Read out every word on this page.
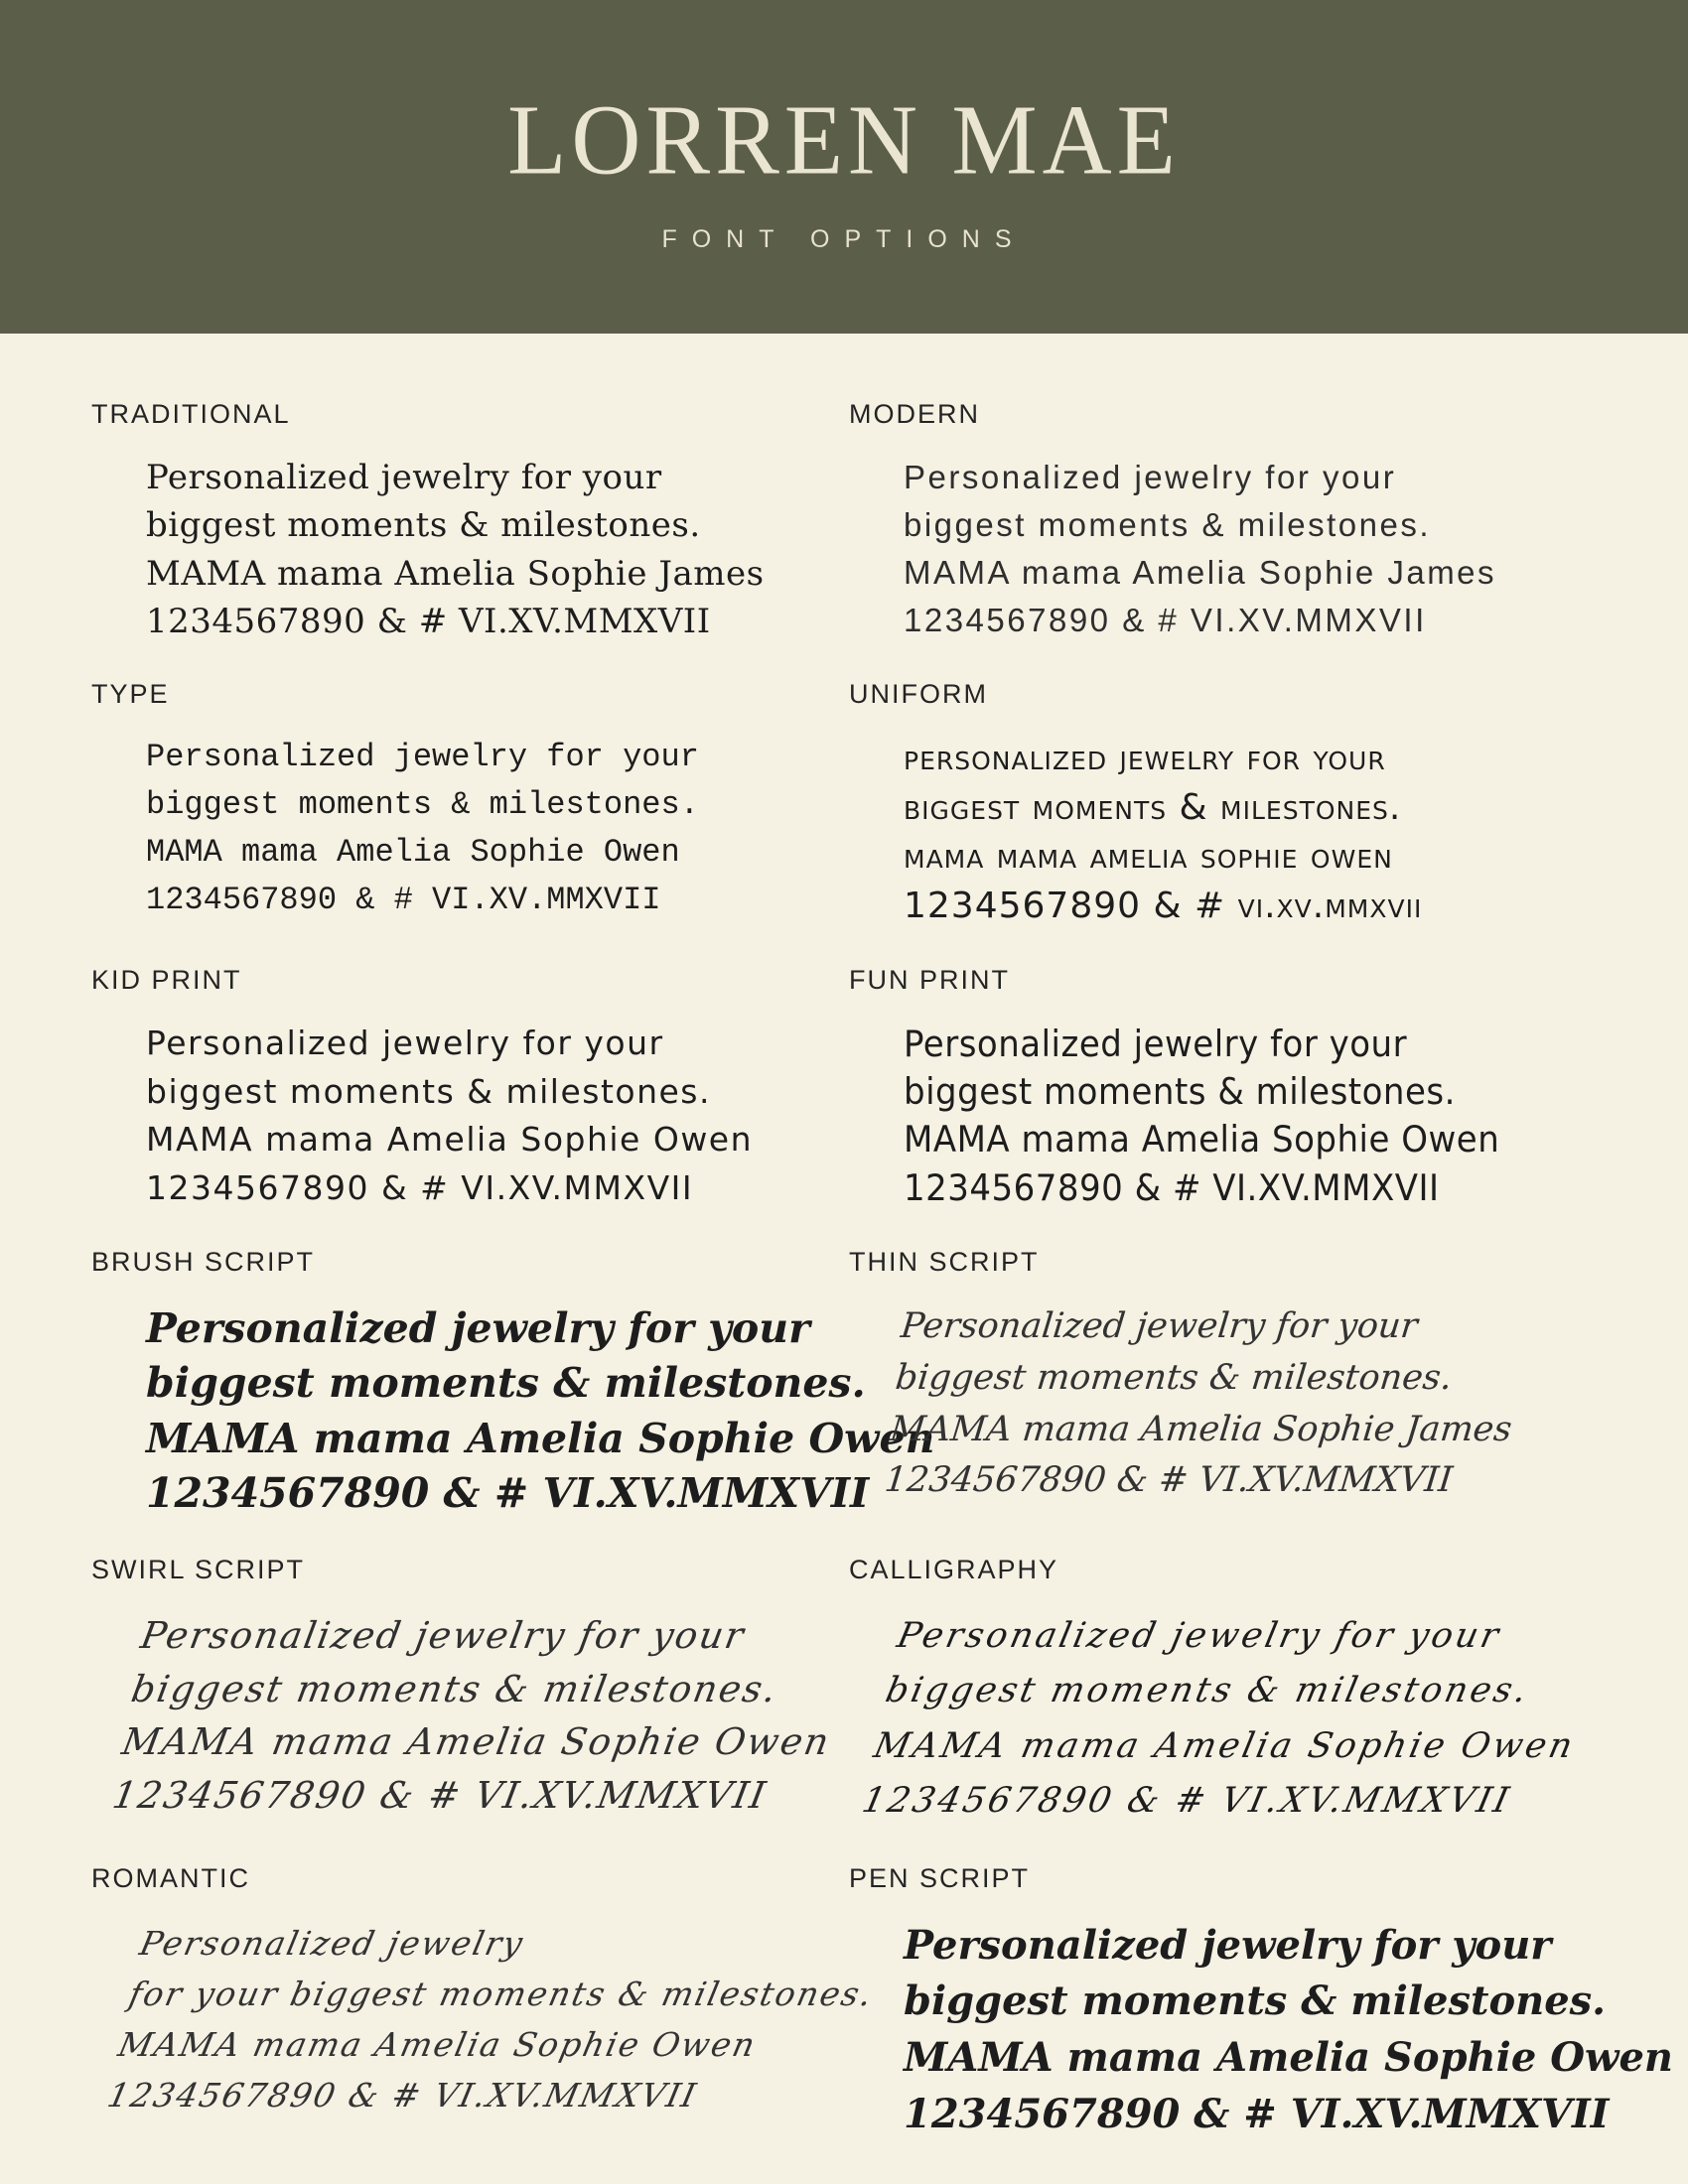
LORREN MAE
FONT OPTIONS
TRADITIONAL
Personalized jewelry for your
biggest moments & milestones.
MAMA mama Amelia Sophie James
1234567890 & # VI.XV.MMXVII
MODERN
Personalized jewelry for your
biggest moments & milestones.
MAMA mama Amelia Sophie James
1234567890 & # VI.XV.MMXVII
TYPE
Personalized jewelry for your
biggest moments & milestones.
MAMA mama Amelia Sophie Owen
1234567890 & # VI.XV.MMXVII
UNIFORM
personalized jewelry for your
biggest moments & milestones.
mama mama amelia sophie owen
1234567890 & # vi.xv.mmxvii
KID PRINT
Personalized jewelry for your
biggest moments & milestones.
MAMA mama Amelia Sophie Owen
1234567890 & # VI.XV.MMXVII
FUN PRINT
Personalized jewelry for your
biggest moments & milestones.
MAMA mama Amelia Sophie Owen
1234567890 & # VI.XV.MMXVII
BRUSH SCRIPT
Personalized jewelry for your
biggest moments & milestones.
MAMA mama Amelia Sophie Owen
1234567890 & # VI.XV.MMXVII
THIN SCRIPT
Personalized jewelry for your
biggest moments & milestones.
MAMA mama Amelia Sophie James
1234567890 & # VI.XV.MMXVII
SWIRL SCRIPT
Personalized jewelry for your
biggest moments & milestones.
MAMA mama Amelia Sophie Owen
1234567890 & # VI.XV.MMXVII
CALLIGRAPHY
Personalized jewelry for your
biggest moments & milestones.
MAMA mama Amelia Sophie Owen
1234567890 & # VI.XV.MMXVII
ROMANTIC
Personalized jewelry
for your biggest moments & milestones.
MAMA mama Amelia Sophie Owen
1234567890 & # VI.XV.MMXVII
PEN SCRIPT
Personalized jewelry for your
biggest moments & milestones.
MAMA mama Amelia Sophie Owen
1234567890 & # VI.XV.MMXVII
